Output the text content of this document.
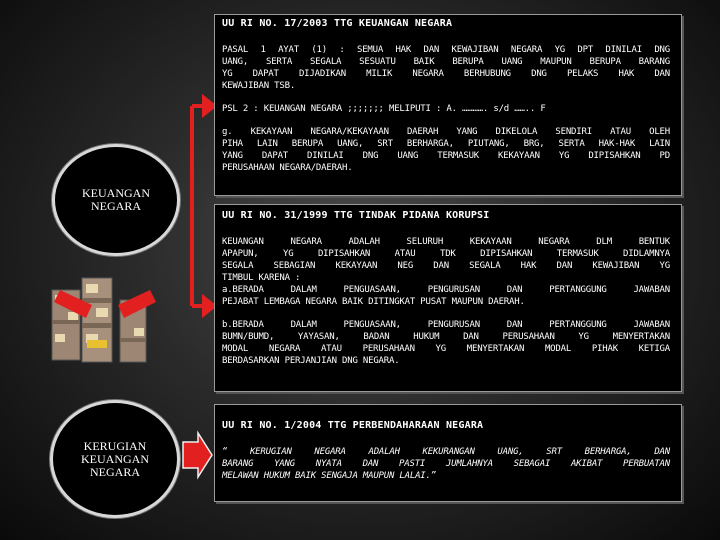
KEUANGAN
NEGARA
KERUGIAN
KEUANGAN
NEGARA
UU RI NO. 17/2003 TTG KEUANGAN NEGARA
PASAL 1 AYAT (1) : SEMUA HAK DAN KEWAJIBAN NEGARA YG DPT DINILAI DNG
UANG, SERTA SEGALA SESUATU BAIK BERUPA UANG MAUPUN BERUPA BARANG
YG DAPAT DIJADIKAN MILIK NEGARA BERHUBUNG DNG PELAKS HAK DAN
KEWAJIBAN TSB.
PSL 2 : KEUANGAN NEGARA ;;;;;;; MELIPUTI : A. …………. s/d …….. F
g. KEKAYAAN NEGARA/KEKAYAAN DAERAH YANG DIKELOLA SENDIRI ATAU OLEH
PIHA LAIN BERUPA UANG, SRT BERHARGA, PIUTANG, BRG, SERTA HAK-HAK LAIN
YANG DAPAT DINILAI DNG UANG TERMASUK KEKAYAAN YG DIPISAHKAN PD
PERUSAHAAN NEGARA/DAERAH.
UU RI NO. 31/1999 TTG TINDAK PIDANA KORUPSI
KEUANGAN NEGARA ADALAH SELURUH KEKAYAAN NEGARA DLM BENTUK
APAPUN, YG DIPISAHKAN ATAU TDK DIPISAHKAN TERMASUK DIDLAMNYA
SEGALA SEBAGIAN KEKAYAAN NEG DAN SEGALA HAK DAN KEWAJIBAN YG
TIMBUL KARENA :
a.BERADA DALAM PENGUASAAN, PENGURUSAN DAN PERTANGGUNG JAWABAN
PEJABAT LEMBAGA NEGARA BAIK DITINGKAT PUSAT MAUPUN DAERAH.
b.BERADA DALAM PENGUASAAN, PENGURUSAN DAN PERTANGGUNG JAWABAN
BUMN/BUMD, YAYASAN, BADAN HUKUM DAN PERUSAHAAN YG MENYERTAKAN
MODAL NEGARA ATAU PERUSAHAAN YG MENYERTAKAN MODAL PIHAK KETIGA
BERDASARKAN PERJANJIAN DNG NEGARA.
UU RI NO. 1/2004 TTG PERBENDAHARAAN NEGARA
“ KERUGIAN NEGARA ADALAH KEKURANGAN UANG, SRT BERHARGA, DAN
BARANG YANG NYATA DAN PASTI JUMLAHNYA SEBAGAI AKIBAT PERBUATAN
MELAWAN HUKUM BAIK SENGAJA MAUPUN LALAI.”
